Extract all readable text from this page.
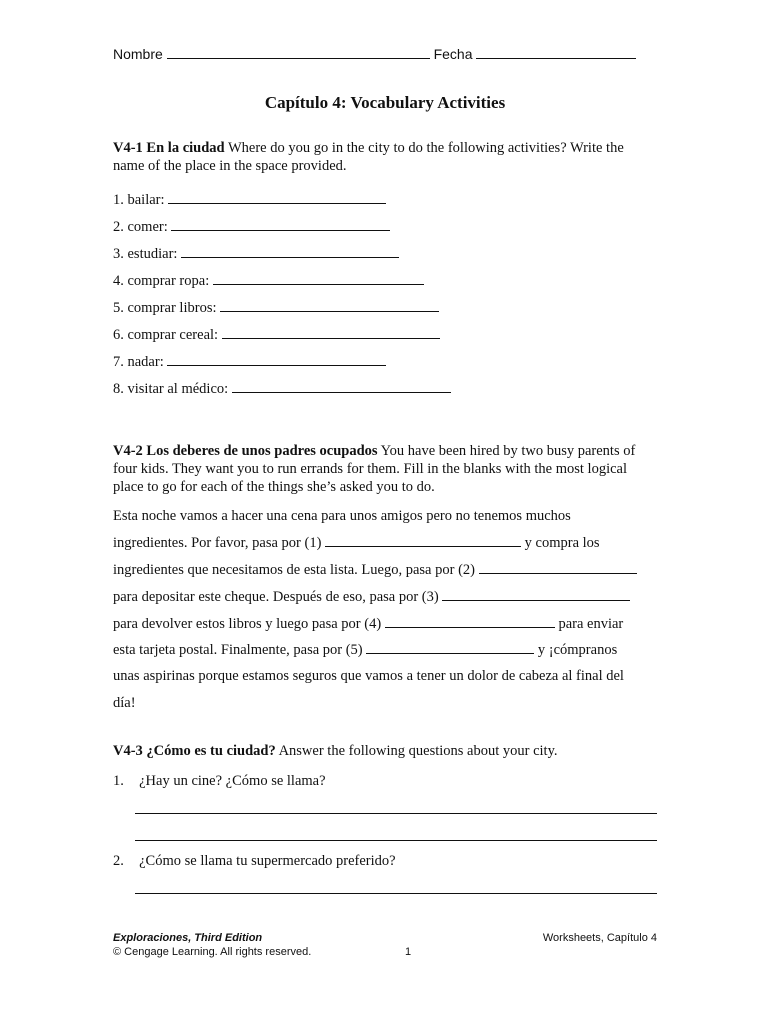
Nombre	Fecha
Capítulo 4: Vocabulary Activities
V4-1 En la ciudad Where do you go in the city to do the following activities? Write the name of the place in the space provided.
1. bailar:
2. comer:
3. estudiar:
4. comprar ropa:
5. comprar libros:
6. comprar cereal:
7. nadar:
8. visitar al médico:
V4-2 Los deberes de unos padres ocupados You have been hired by two busy parents of four kids. They want you to run errands for them. Fill in the blanks with the most logical place to go for each of the things she’s asked you to do.
Esta noche vamos a hacer una cena para unos amigos pero no tenemos muchos
ingredientes. Por favor, pasa por (1)	y compra los
ingredientes que necesitamos de esta lista. Luego, pasa por (2)
para depositar este cheque. Después de eso, pasa por (3)
para devolver estos libros y luego pasa por (4)	para enviar
esta tarjeta postal. Finalmente, pasa por (5)	y ¡cómpranos
unas aspirinas porque estamos seguros que vamos a tener un dolor de cabeza al final del
día!
V4-3 ¿Cómo es tu ciudad? Answer the following questions about your city.
1. ¿Hay un cine? ¿Cómo se llama?
2. ¿Cómo se llama tu supermercado preferido?
Exploraciones, Third Edition
© Cengage Learning. All rights reserved.	1
Worksheets, Capítulo 4
